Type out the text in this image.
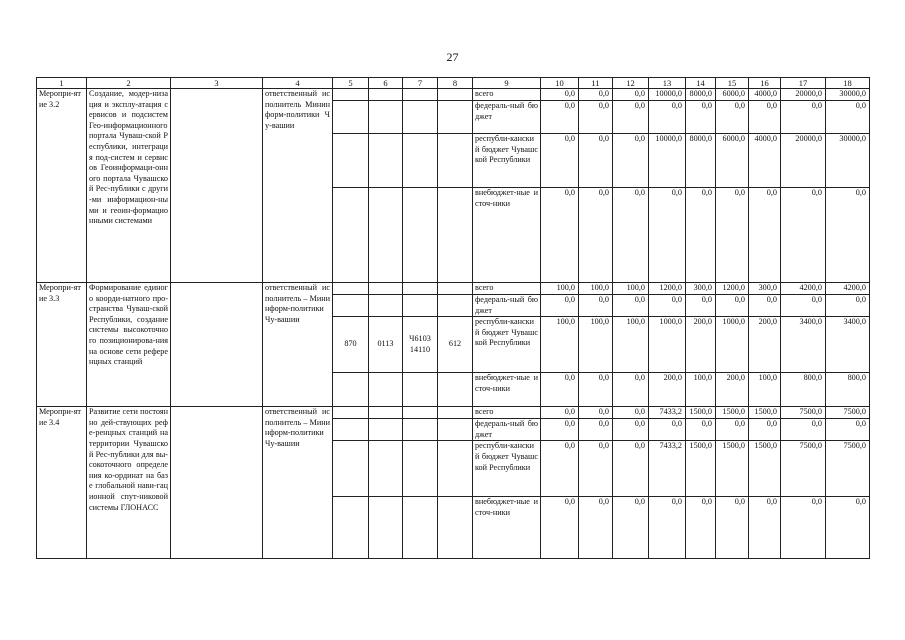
27
1	2	3	4	5	6	7	8	9	10	11	12	13	14	15	16	17	18
Меропри-ятие 3.2	Создание, модер-низация и эксплу-атация сервисов и подсистем Гео-информационного портала Чуваш-ской Республики, интеграция под-систем и сервисов Геоинформаци-онного портала Чувашской Рес-публики с други-ми информацион-ными и геоин-формационными системами		ответственный исполнитель Мининформ-политики Чу-вашии					всего	0,0	0,0	0,0	10000,0	8000,0	6000,0	4000,0	20000,0	30000,0
								федераль-ный бюджет	0,0	0,0	0,0	0,0	0,0	0,0	0,0	0,0	0,0
								республи-канский бюджет Чувашской Республики	0,0	0,0	0,0	10000,0	8000,0	6000,0	4000,0	20000,0	30000,0
								внебюджет-ные источ-ники	0,0	0,0	0,0	0,0	0,0	0,0	0,0	0,0	0,0
Меропри-ятие 3.3	Формирование единого коорди-натного про-странства Чуваш-ской Республики, создание системы высокоточного позиционирова-ния на основе сети референцных станций		ответственный исполнитель – Мининформ-политики Чу-вашии					всего	100,0	100,0	100,0	1200,0	300,0	1200,0	300,0	4200,0	4200,0
								федераль-ный бюджет	0,0	0,0	0,0	0,0	0,0	0,0	0,0	0,0	0,0
				870	0113	Ч6103 14110	612	республи-канский бюджет Чувашской Республики	100,0	100,0	100,0	1000,0	200,0	1000,0	200,0	3400,0	3400,0
								внебюджет-ные источ-ники	0,0	0,0	0,0	200,0	100,0	200,0	100,0	800,0	800,0
Меропри-ятие 3.4	Развитие сети постоянно дей-ствующих рефе-ренцных станций на территории Чувашской Рес-публики для вы-сокоточного определения ко-ординат на базе глобальной нави-гационной спут-никовой системы ГЛОНАСС		ответственный исполнитель – Мининформ-политики Чу-вашии					всего	0,0	0,0	0,0	7433,2	1500,0	1500,0	1500,0	7500,0	7500,0
								федераль-ный бюджет	0,0	0,0	0,0	0,0	0,0	0,0	0,0	0,0	0,0
								республи-канский бюджет Чувашской Республики	0,0	0,0	0,0	7433,2	1500,0	1500,0	1500,0	7500,0	7500,0
								внебюджет-ные источ-ники	0,0	0,0	0,0	0,0	0,0	0,0	0,0	0,0	0,0
